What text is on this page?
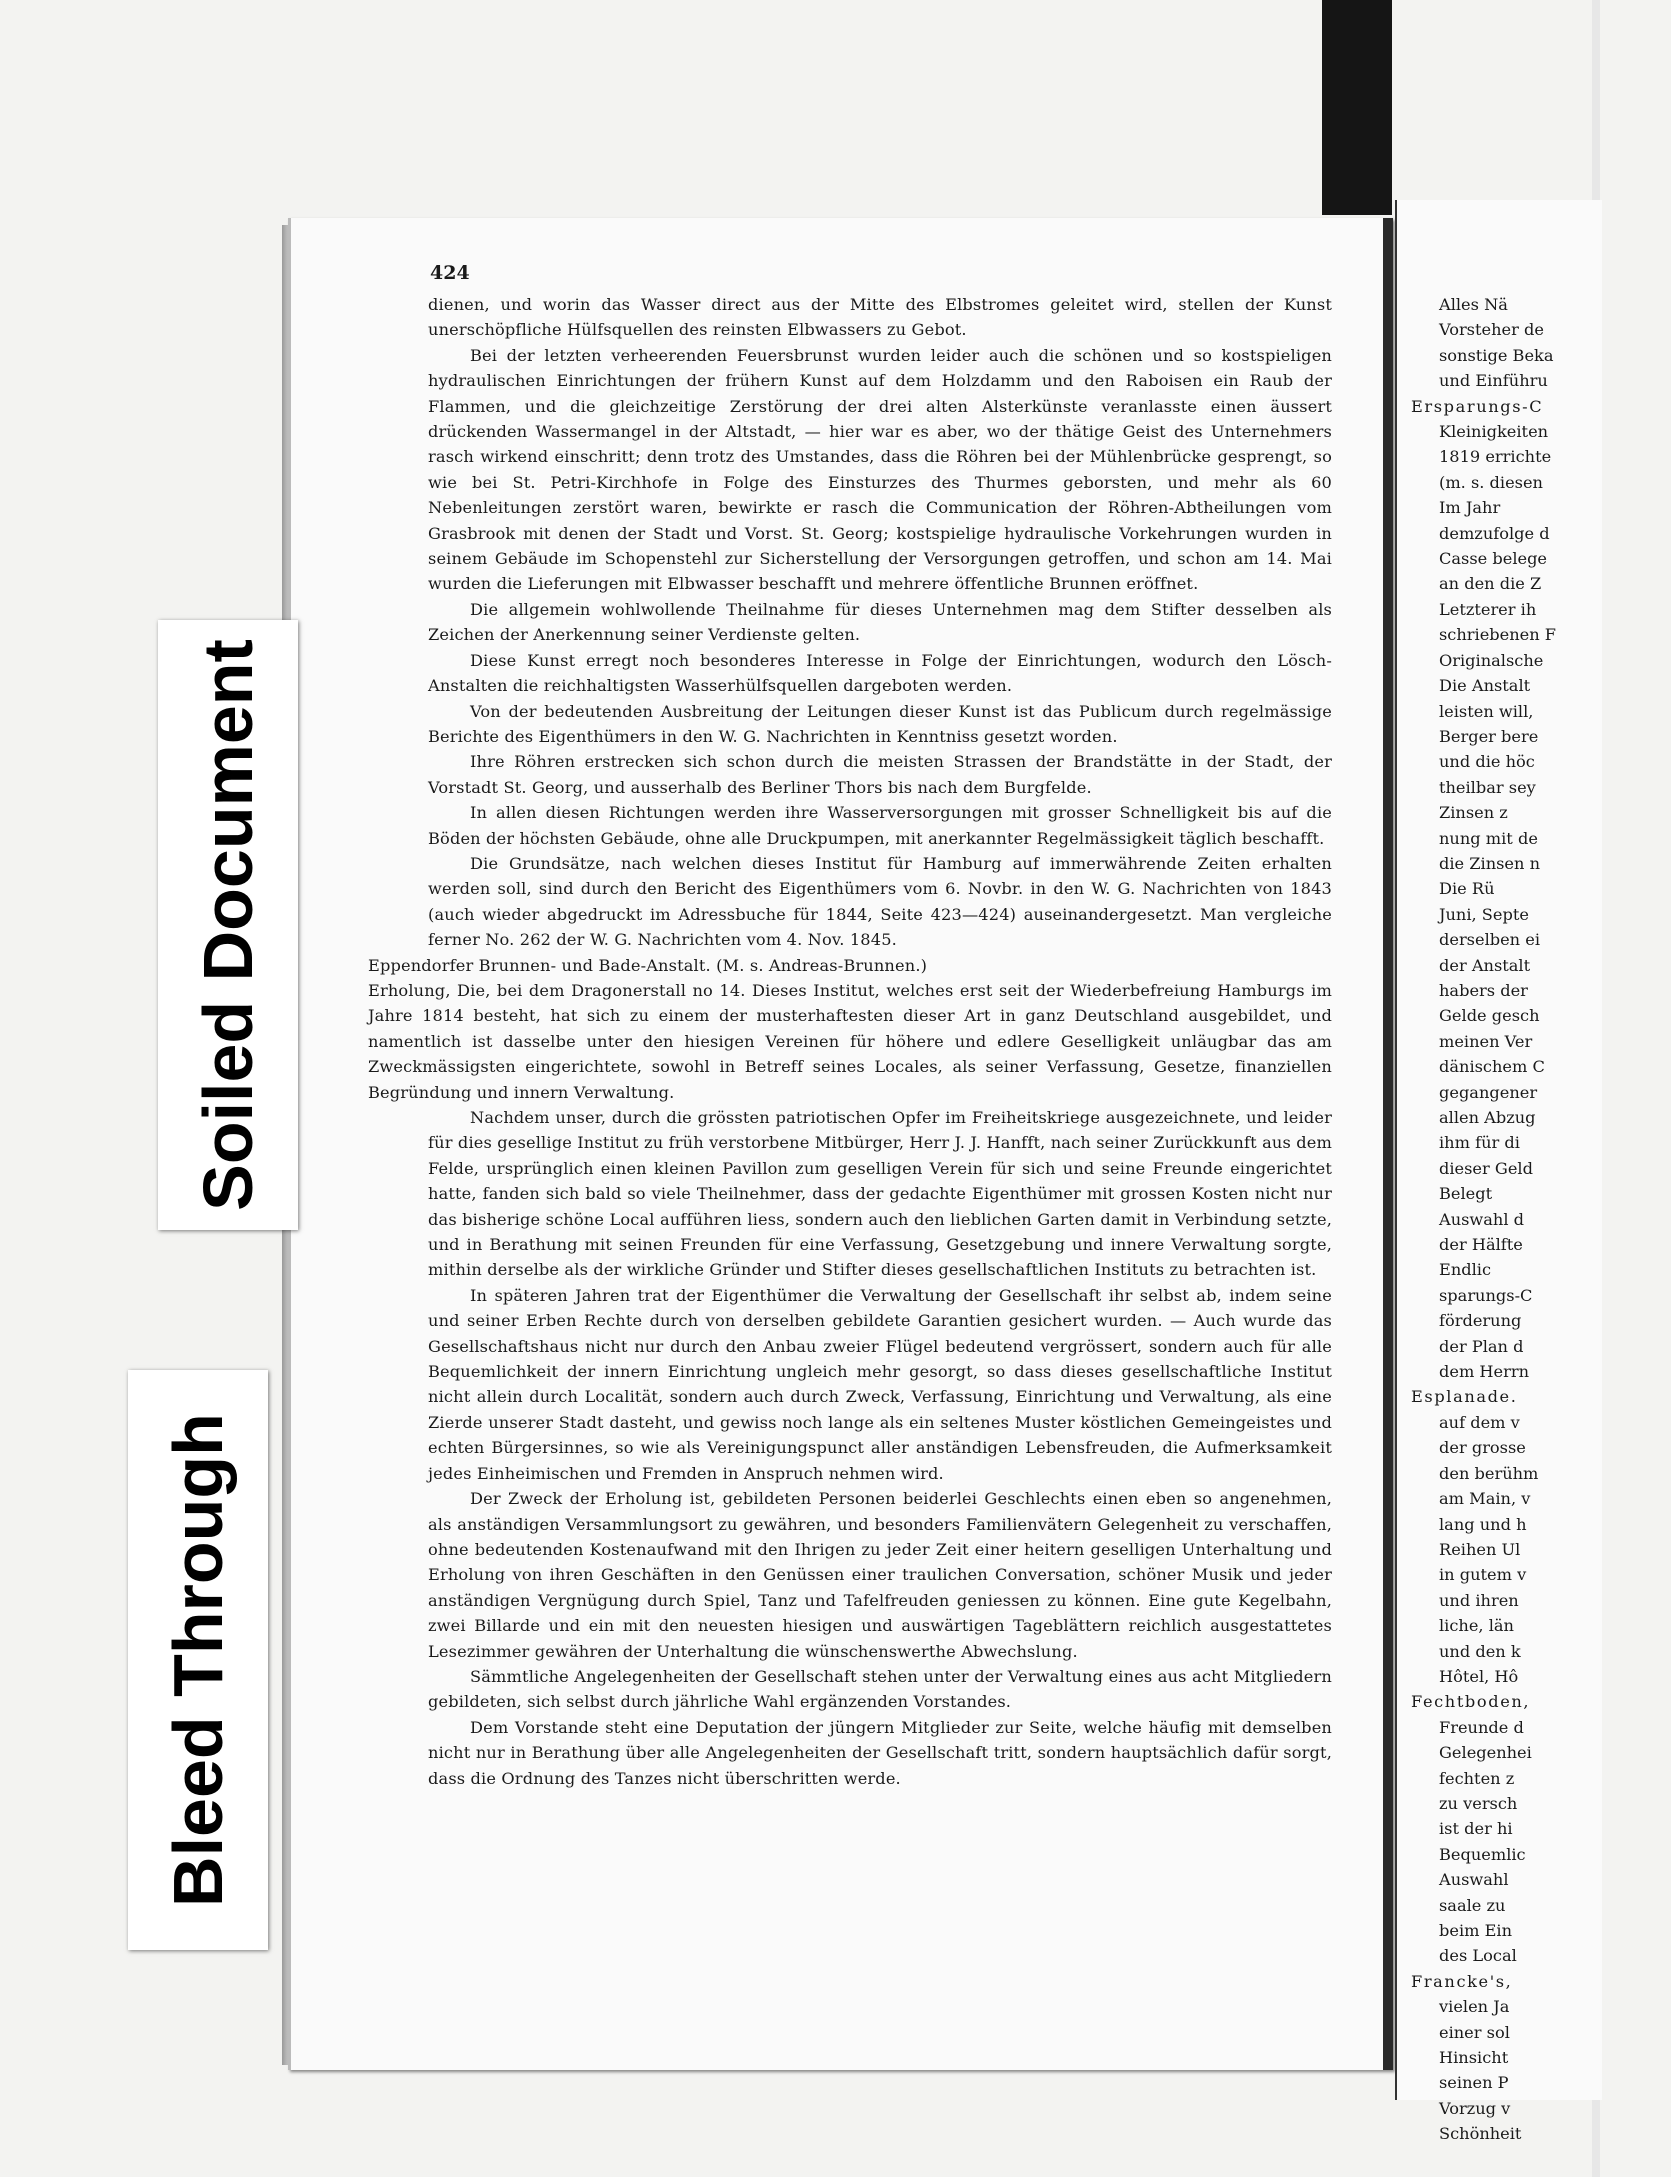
424

dienen, und worin das Wasser direct aus der Mitte des Elbstromes geleitet wird, stellen der Kunst unerschöpfliche Hülfsquellen des reinsten Elbwassers zu Gebot.

Bei der letzten verheerenden Feuersbrunst wurden leider auch die schönen und so kostspieligen hydraulischen Einrichtungen der frühern Kunst auf dem Holzdamm und den Raboisen ein Raub der Flammen, und die gleichzeitige Zerstörung der drei alten Alsterkünste veranlasste einen äussert drückenden Wassermangel in der Altstadt, — hier war es aber, wo der thätige Geist des Unternehmers rasch wirkend einschritt; denn trotz des Umstandes, dass die Röhren bei der Mühlenbrücke gesprengt, so wie bei St. Petri-Kirchhofe in Folge des Einsturzes des Thurmes geborsten, und mehr als 60 Nebenleitungen zerstört waren, bewirkte er rasch die Communication der Röhren-Abtheilungen vom Grasbrook mit denen der Stadt und Vorst. St. Georg; kostspielige hydraulische Vorkehrungen wurden in seinem Gebäude im Schopenstehl zur Sicherstellung der Versorgungen getroffen, und schon am 14. Mai wurden die Lieferungen mit Elbwasser beschafft und mehrere öffentliche Brunnen eröffnet.

Die allgemein wohlwollende Theilnahme für dieses Unternehmen mag dem Stifter desselben als Zeichen der Anerkennung seiner Verdienste gelten.

Diese Kunst erregt noch besonderes Interesse in Folge der Einrichtungen, wodurch den Lösch-Anstalten die reichhaltigsten Wasserhülfsquellen dargeboten werden.

Von der bedeutenden Ausbreitung der Leitungen dieser Kunst ist das Publicum durch regelmässige Berichte des Eigenthümers in den W. G. Nachrichten in Kenntniss gesetzt worden.

Ihre Röhren erstrecken sich schon durch die meisten Strassen der Brandstätte in der Stadt, der Vorstadt St. Georg, und ausserhalb des Berliner Thors bis nach dem Burgfelde.

In allen diesen Richtungen werden ihre Wasserversorgungen mit grosser Schnelligkeit bis auf die Böden der höchsten Gebäude, ohne alle Druckpumpen, mit anerkannter Regelmässigkeit täglich beschafft.

Die Grundsätze, nach welchen dieses Institut für Hamburg auf immerwährende Zeiten erhalten werden soll, sind durch den Bericht des Eigenthümers vom 6. Novbr. in den W. G. Nachrichten von 1843 (auch wieder abgedruckt im Adressbuche für 1844, Seite 423—424) auseinandergesetzt. Man vergleiche ferner No. 262 der W. G. Nachrichten vom 4. Nov. 1845.

Eppendorfer Brunnen- und Bade-Anstalt. (M. s. Andreas-Brunnen.)

Erholung, Die, bei dem Dragonerstall no 14. Dieses Institut, welches erst seit der Wiederbefreiung Hamburgs im Jahre 1814 besteht, hat sich zu einem der musterhaftesten dieser Art in ganz Deutschland ausgebildet, und namentlich ist dasselbe unter den hiesigen Vereinen für höhere und edlere Geselligkeit unläugbar das am Zweckmässigsten eingerichtete, sowohl in Betreff seines Locales, als seiner Verfassung, Gesetze, finanziellen Begründung und innern Verwaltung.

Nachdem unser, durch die grössten patriotischen Opfer im Freiheitskriege ausgezeichnete, und leider für dies gesellige Institut zu früh verstorbene Mitbürger, Herr J. J. Hanfft, nach seiner Zurückkunft aus dem Felde, ursprünglich einen kleinen Pavillon zum geselligen Verein für sich und seine Freunde eingerichtet hatte, fanden sich bald so viele Theilnehmer, dass der gedachte Eigenthümer mit grossen Kosten nicht nur das bisherige schöne Local aufführen liess, sondern auch den lieblichen Garten damit in Verbindung setzte, und in Berathung mit seinen Freunden für eine Verfassung, Gesetzgebung und innere Verwaltung sorgte, mithin derselbe als der wirkliche Gründer und Stifter dieses gesellschaftlichen Instituts zu betrachten ist.

In späteren Jahren trat der Eigenthümer die Verwaltung der Gesellschaft ihr selbst ab, indem seine und seiner Erben Rechte durch von derselben gebildete Garantien gesichert wurden. — Auch wurde das Gesellschaftshaus nicht nur durch den Anbau zweier Flügel bedeutend vergrössert, sondern auch für alle Bequemlichkeit der innern Einrichtung ungleich mehr gesorgt, so dass dieses gesellschaftliche Institut nicht allein durch Localität, sondern auch durch Zweck, Verfassung, Einrichtung und Verwaltung, als eine Zierde unserer Stadt dasteht, und gewiss noch lange als ein seltenes Muster köstlichen Gemeingeistes und echten Bürgersinnes, so wie als Vereinigungspunct aller anständigen Lebensfreuden, die Aufmerksamkeit jedes Einheimischen und Fremden in Anspruch nehmen wird.

Der Zweck der Erholung ist, gebildeten Personen beiderlei Geschlechts einen eben so angenehmen, als anständigen Versammlungsort zu gewähren, und besonders Familienvätern Gelegenheit zu verschaffen, ohne bedeutenden Kostenaufwand mit den Ihrigen zu jeder Zeit einer heitern geselligen Unterhaltung und Erholung von ihren Geschäften in den Genüssen einer traulichen Conversation, schöner Musik und jeder anständigen Vergnügung durch Spiel, Tanz und Tafelfreuden geniessen zu können. Eine gute Kegelbahn, zwei Billarde und ein mit den neuesten hiesigen und auswärtigen Tageblättern reichlich ausgestattetes Lesezimmer gewähren der Unterhaltung die wünschenswerthe Abwechslung.

Sämmtliche Angelegenheiten der Gesellschaft stehen unter der Verwaltung eines aus acht Mitgliedern gebildeten, sich selbst durch jährliche Wahl ergänzenden Vorstandes.

Dem Vorstande steht eine Deputation der jüngern Mitglieder zur Seite, welche häufig mit demselben nicht nur in Berathung über alle Angelegenheiten der Gesellschaft tritt, sondern hauptsächlich dafür sorgt, dass die Ordnung des Tanzes nicht überschritten werde.

Alles Nä
Vorsteher de
sonstige Beka
und Einführu
Ersparungs-C
Kleinigkeiten
1819 errichte
(m. s. diesen
Im Jahr
demzufolge d
Casse belege
an den die Z
Letzterer ih
schriebenen F
Originalsche
Die Anstalt
leisten will,
Berger bere
und die höc
theilbar sey
Zinsen z
nung mit de
die Zinsen n
Die Rü
Juni, Septe
derselben ei
der Anstalt
habers der
Gelde gesch
meinen Ver
dänischem C
gegangener
allen Abzug
ihm für di
dieser Geld
Belegt
Auswahl d
der Hälfte
Endlic
sparungs-C
förderung
der Plan d
dem Herrn
Esplanade.
auf dem v
der grosse
den berühm
am Main, v
lang und h
Reihen Ul
in gutem v
und ihren
liche, län
und den k
Hôtel, Hô
Fechtboden,
Freunde d
Gelegenhei
fechten z
zu versch
ist der hi
Bequemlic
Auswahl
saale zu
beim Ein
des Local
Francke's,
vielen Ja
einer sol
Hinsicht
seinen P
Vorzug v
Schönheit
Soiled Document
Bleed Through
